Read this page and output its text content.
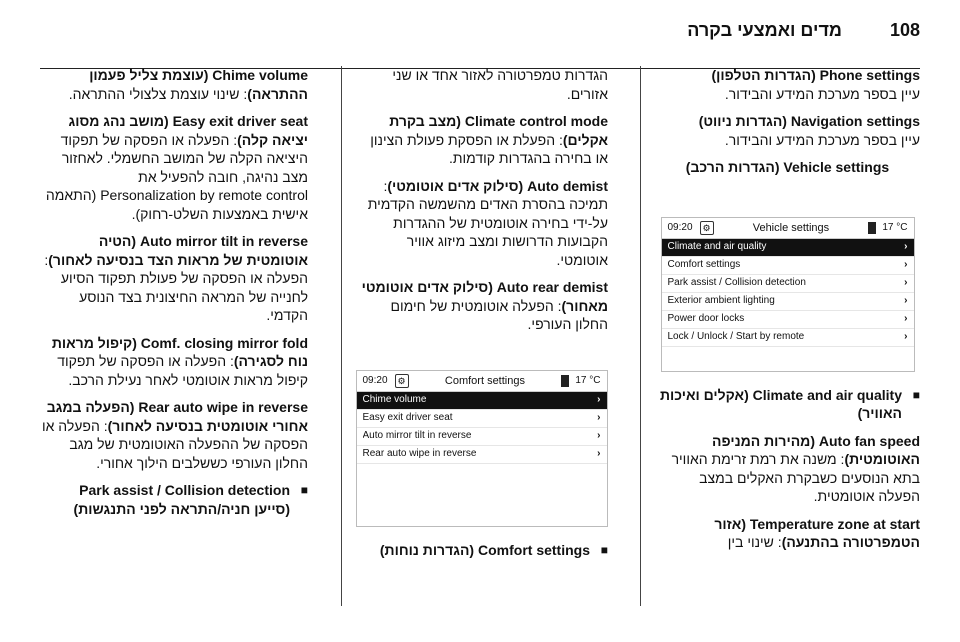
מדים ואמצעי בקרה	108

Phone settings (הגדרות הטלפון)
עיין בספר מערכת המידע והבידור.

Navigation settings (הגדרות ניווט)
עיין בספר מערכת המידע והבידור.

Vehicle settings (הגדרות הרכב)

09:20	⚙	Vehicle settings	17 °C
Climate and air quality	›
Comfort settings	›
Park assist / Collision detection	›
Exterior ambient lighting	›
Power door locks	›
Lock / Unlock / Start by remote	›

■ Climate and air quality (אקלים ואיכות האוויר)

Auto fan speed (מהירות המניפה האוטומטית): משנה את רמת זרימת האוויר בתא הנוסעים כשבקרת האקלים במצב הפעלה אוטומטית.

Temperature zone at start (אזור הטמפרטורה בהתנעה): שינוי בין

הגדרות טמפרטורה לאזור אחד או שני אזורים.

Climate control mode (מצב בקרת אקלים): הפעלת או הפסקת פעולת הצינון או בחירה בהגדרות קודמות.

Auto demist (סילוק אדים אוטומטי): תמיכה בהסרת האדים מהשמשה הקדמית על-ידי בחירה אוטומטית של ההגדרות הקבועות הדרושות ומצב מיזוג אוויר אוטומטי.

Auto rear demist (סילוק אדים אוטומטי מאחור): הפעלה אוטומטית של חימום החלון העורפי.

09:20	⚙	Comfort settings	17 °C
Chime volume	›
Easy exit driver seat	›
Auto mirror tilt in reverse	›
Rear auto wipe in reverse	›

■ Comfort settings (הגדרות נוחות)

Chime volume (עוצמת צליל פעמון ההתראה): שינוי עוצמת צלצולי ההתראה.

Easy exit driver seat (מושב נהג מסוג יציאה קלה): הפעלה או הפסקה של תפקוד היציאה הקלה של המושב החשמלי. לאחזור מצב נהיגה, חובה להפעיל את Personalization by remote control (התאמה אישית באמצעות השלט-רחוק).

Auto mirror tilt in reverse (הטיה אוטומטית של מראות הצד בנסיעה לאחור): הפעלה או הפסקה של פעולת תפקוד הסיוע לחנייה של המראה החיצונית בצד הנוסע הקדמי.

Comf. closing mirror fold (קיפול מראות נוח לסגירה): הפעלה או הפסקה של תפקוד קיפול מראות אוטומטי לאחר נעילת הרכב.

Rear auto wipe in reverse (הפעלה במגב אחורי אוטומטית בנסיעה לאחור): הפעלה או הפסקה של ההפעלה האוטומטית של מגב החלון העורפי כששלבים הילוך אחורי.

■ Park assist / Collision detection (סייען חניה/התראה לפני התנגשות)
